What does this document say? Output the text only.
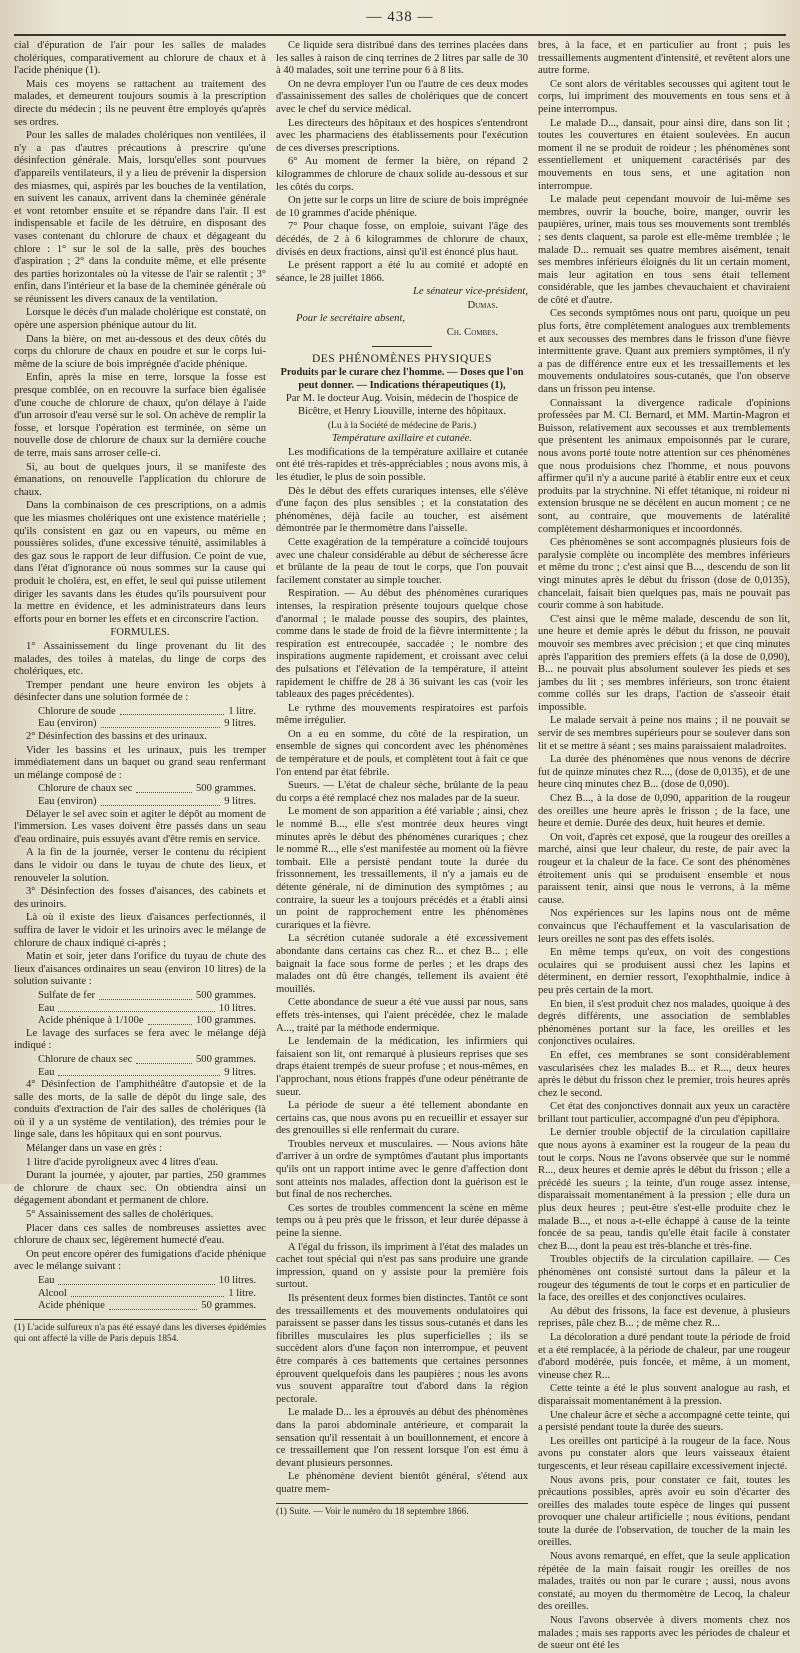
— 438 —

cial d'épuration de l'air pour les salles de malades cholériques, comparativement au chlorure de chaux et à l'acide phénique (1).

Mais ces moyens se rattachent au traitement des malades, et demeurent toujours soumis à la prescription directe du médecin ; ils ne peuvent être employés qu'après ses ordres.

Pour les salles de malades cholériques non ventilées, il n'y a pas d'autres précautions à prescrire qu'une désinfection générale. Mais, lorsqu'elles sont pourvues d'appareils ventilateurs, il y a lieu de prévenir la dispersion des miasmes, qui, aspirés par les bouches de la ventilation, en suivent les canaux, arrivent dans la cheminée générale et vont retomber ensuite et se répandre dans l'air. Il est indispensable et facile de les détruire, en disposant des vases contenant du chlorure de chaux et dégageant du chlore : 1° sur le sol de la salle, près des bouches d'aspiration ; 2° dans la conduite même, et elle présente des parties horizontales où la vitesse de l'air se ralentit ; 3° enfin, dans l'intérieur et la base de la cheminée générale où se réunissent les divers canaux de la ventilation.

Lorsque le décès d'un malade cholérique est constaté, on opère une aspersion phénique autour du lit.

Dans la bière, on met au-dessous et des deux côtés du corps du chlorure de chaux en poudre et sur le corps lui-même de la sciure de bois imprégnée d'acide phénique.

Enfin, après la mise en terre, lorsque la fosse est presque comblée, on en recouvre la surface bien égalisée d'une couche de chlorure de chaux, qu'on délaye à l'aide d'un arrosoir d'eau versé sur le sol. On achève de remplir la fosse, et lorsque l'opération est terminée, on sème un nouvelle dose de chlorure de chaux sur la dernière couche de terre, mais sans arroser celle-ci.

Si, au bout de quelques jours, il se manifeste des émanations, on renouvelle l'application du chlorure de chaux.

Dans la combinaison de ces prescriptions, on a admis que les miasmes cholériques ont une existence matérielle ; qu'ils consistent en gaz ou en vapeurs, ou même en poussières solides, d'une excessive ténuité, assimilables à des gaz sous le rapport de leur diffusion. Ce point de vue, dans l'état d'ignorance où nous sommes sur la cause qui produit le choléra, est, en effet, le seul qui puisse utilement diriger les savants dans les études qu'ils poursuivent pour la mettre en évidence, et les administrateurs dans leurs efforts pour en borner les effets et en circonscrire l'action.

FORMULES.

1° Assainissement du linge provenant du lit des malades, des toiles à matelas, du linge de corps des cholériques, etc.

Tremper pendant une heure environ les objets à désinfecter dans une solution formée de :

Chlorure de soude	1 litre.
Eau (environ)	9 litres.

2° Désinfection des bassins et des urinaux.

Vider les bassins et les urinaux, puis les tremper immédiatement dans un baquet ou grand seau renfermant un mélange composé de :

Chlorure de chaux sec	500 grammes.
Eau (environ)	9 litres.

Délayer le sel avec soin et agiter le dépôt au moment de l'immersion. Les vases doivent être passés dans un seau d'eau ordinaire, puis essuyés avant d'être remis en service.

A la fin de la journée, verser le contenu du récipient dans le vidoir ou dans le tuyau de chute des lieux, et renouveler la solution.

3° Désinfection des fosses d'aisances, des cabinets et des urinoirs.

Là où il existe des lieux d'aisances perfectionnés, il suffira de laver le vidoir et les urinoirs avec le mélange de chlorure de chaux indiqué ci-après ;

Matin et soir, jeter dans l'orifice du tuyau de chute des lieux d'aisances ordinaires un seau (environ 10 litres) de la solution suivante :

Sulfate de fer	500 grammes.
Eau	10 litres.
Acide phénique à 1/100e	100 grammes.

Le lavage des surfaces se fera avec le mélange déjà indiqué :

Chlorure de chaux sec	500 grammes.
Eau	9 litres.

4° Désinfection de l'amphithéâtre d'autopsie et de la salle des morts, de la salle de dépôt du linge sale, des conduits d'extraction de l'air des salles de cholériques (là où il y a un système de ventilation), des trémies pour le linge sale, dans les hôpitaux qui en sont pourvus.

Mélanger dans un vase en grès :

1 litre d'acide pyroligneux avec 4 litres d'eau.

Durant la journée, y ajouter, par parties, 250 grammes de chlorure de chaux sec. On obtiendra ainsi un dégagement abondant et permanent de chlore.

5° Assainissement des salles de cholériques.

Placer dans ces salles de nombreuses assiettes avec chlorure de chaux sec, légèrement humecté d'eau.

On peut encore opérer des fumigations d'acide phénique avec le mélange suivant :

Eau	10 litres.
Alcool	1 litre.
Acide phénique	50 grammes.
(1) L'acide sulfureux n'a pas été essayé dans les diverses épidémies qui ont affecté la ville de Paris depuis 1854.

Ce liquide sera distribué dans des terrines placées dans les salles à raison de cinq terrines de 2 litres par salle de 30 à 40 malades, soit une terrine pour 6 à 8 lits.

On ne devra employer l'un ou l'autre de ces deux modes d'assainissement des salles de cholériques que de concert avec le chef du service médical.

Les directeurs des hôpitaux et des hospices s'entendront avec les pharmaciens des établissements pour l'exécution de ces diverses prescriptions.

6° Au moment de fermer la bière, on répand 2 kilogrammes de chlorure de chaux solide au-dessous et sur les côtés du corps.

On jette sur le corps un litre de sciure de bois imprégnée de 10 grammes d'acide phénique.

7° Pour chaque fosse, on emploie, suivant l'âge des décédés, de 2 à 6 kilogrammes de chlorure de chaux, divisés en deux fractions, ainsi qu'il est énoncé plus haut.

Le présent rapport a été lu au comité et adopté en séance, le 28 juillet 1866.

Le sénateur vice-président,

Dumas.

Pour le secrétaire absent,

Ch. Combes.

DES PHÉNOMÈNES PHYSIQUES

Produits par le curare chez l'homme. — Doses que l'on peut donner. — Indications thérapeutiques (1),

Par M. le docteur Aug. Voisin, médecin de l'hospice de Bicêtre, et Henry Liouville, interne des hôpitaux.

(Lu à la Société de médecine de Paris.)

Température axillaire et cutanée.

Les modifications de la température axillaire et cutanée ont été très-rapides et très-appréciables ; nous avons mis, à les étudier, le plus de soin possible.

Dès le début des effets curariques intenses, elle s'élève d'une façon des plus sensibles ; et la constatation des phénomènes, déjà facile au toucher, est aisément démontrée par le thermomètre dans l'aisselle.

Cette exagération de la température a coïncidé toujours avec une chaleur considérable au début de sécheresse âcre et brûlante de la peau de tout le corps, que l'on pouvait facilement constater au simple toucher.

Respiration. — Au début des phénomènes curariques intenses, la respiration présente toujours quelque chose d'anormal ; le malade pousse des soupirs, des plaintes, comme dans le stade de froid de la fièvre intermittente ; la respiration est entrecoupée, saccadée ; le nombre des inspirations augmente rapidement, et croissant avec celui des pulsations et l'élévation de la température, il atteint rapidement le chiffre de 28 à 36 suivant les cas (voir les tableaux des pages précédentes).

Le rythme des mouvements respiratoires est parfois même irrégulier.

On a eu en somme, du côté de la respiration, un ensemble de signes qui concordent avec les phénomènes de température et de pouls, et complètent tout à fait ce que l'on entend par état fébrile.

Sueurs. — L'état de chaleur sèche, brûlante de la peau du corps a été remplacé chez nos malades par de la sueur.

Le moment de son apparition a été variable ; ainsi, chez le nommé B..., elle s'est montrée deux heures vingt minutes après le début des phénomènes curariques ; chez le nommé R..., elle s'est manifestée au moment où la fièvre tombait. Elle a persisté pendant toute la durée du frissonnement, les tressaillements, il n'y a jamais eu de détente générale, ni de diminution des symptômes ; au contraire, la sueur les a toujours précédés et a établi ainsi un point de rapprochement entre les phénomènes curariques et la fièvre.

La sécrétion cutanée sudorale a été excessivement abondante dans certains cas chez R... et chez B... ; elle baignait la face sous forme de perles ; et les draps des malades ont dû être changés, tellement ils avaient été mouillés.

Cette abondance de sueur a été vue aussi par nous, sans effets très-intenses, qui l'aient précédée, chez le malade A..., traité par la méthode endermique.

Le lendemain de la médication, les infirmiers qui faisaient son lit, ont remarqué à plusieurs reprises que ses draps étaient trempés de sueur profuse ; et nous-mêmes, en l'approchant, nous étions frappés d'une odeur pénétrante de sueur.

La période de sueur a été tellement abondante en certains cas, que nous avons pu en recueillir et essayer sur des grenouilles si elle renfermait du curare.

Troubles nerveux et musculaires. — Nous avions hâte d'arriver à un ordre de symptômes d'autant plus importants qu'ils ont un rapport intime avec le genre d'affection dont sont atteints nos malades, affection dont la guérison est le but final de nos recherches.

Ces sortes de troubles commencent la scène en même temps ou à peu près que le frisson, et leur durée dépasse à peine la sienne.

A l'égal du frisson, ils impriment à l'état des malades un cachet tout spécial qui n'est pas sans produire une grande impression, quand on y assiste pour la première fois surtout.

Ils présentent deux formes bien distinctes. Tantôt ce sont des tressaillements et des mouvements ondulatoires qui paraissent se passer dans les tissus sous-cutanés et dans les fibrilles musculaires les plus superficielles ; ils se succèdent alors d'une façon non interrompue, et peuvent être comparés à ces battements que certaines personnes éprouvent quelquefois dans les paupières ; nous les avons vus souvent apparaître tout d'abord dans la région pectorale.

Le malade D... les a éprouvés au début des phénomènes dans la paroi abdominale antérieure, et comparait la sensation qu'il ressentait à un bouillonnement, et encore à ce tressaillement que l'on ressent lorsque l'on est ému à devant plusieurs personnes.

Le phénomène devient bientôt général, s'étend aux quatre mem-

(1) Suite. — Voir le numéro du 18 septembre 1866.

bres, à la face, et en particulier au front ; puis les tressaillements augmentent d'intensité, et revêtent alors une autre forme.

Ce sont alors de véritables secousses qui agitent tout le corps, lui impriment des mouvements en tous sens et à peine interrompus.

Le malade D..., dansait, pour ainsi dire, dans son lit ; toutes les couvertures en étaient soulevées. En aucun moment il ne se produit de roideur ; les phénomènes sont essentiellement et uniquement caractérisés par des mouvements en tous sens, et une agitation non interrompue.

Le malade peut cependant mouvoir de lui-même ses membres, ouvrir la bouche, boire, manger, ouvrir les paupières, uriner, mais tous ses mouvements sont tremblés ; ses dents claquent, sa parole est elle-même tremblée ; le malade D... remuait ses quatre membres aisément, tenait ses membres inférieurs éloignés du lit un certain moment, mais leur agitation en tous sens était tellement considérable, que les jambes chevauchaient et chaviraient de côté et d'autre.

Ces seconds symptômes nous ont paru, quoique un peu plus forts, être complètement analogues aux tremblements et aux secousses des membres dans le frisson d'une fièvre intermittente grave. Quant aux premiers symptômes, il n'y a pas de différence entre eux et les tressaillements et les mouvements ondulatoires sous-cutanés, que l'on observe dans un frisson peu intense.

Connaissant la divergence radicale d'opinions professées par M. Cl. Bernard, et MM. Martin-Magron et Buisson, relativement aux secousses et aux tremblements que présentent les animaux empoisonnés par le curare, nous avons porté toute notre attention sur ces phénomènes que nous produisions chez l'homme, et nous pouvons affirmer qu'il n'y a aucune parité à établir entre eux et ceux produits par la strychnine. Ni effet tétanique, ni roideur ni extension brusque ne se décèlent en aucun moment ; ce ne sont, au contraire, que mouvements de latéralité complètement désharmoniques et incoordonnés.

Ces phénomènes se sont accompagnés plusieurs fois de paralysie complète ou incomplète des membres inférieurs et même du tronc ; c'est ainsi que B..., descendu de son lit vingt minutes après le début du frisson (dose de 0,0135), chancelait, faisait bien quelques pas, mais ne pouvait pas courir comme à son habitude.

C'est ainsi que le même malade, descendu de son lit, une heure et demie après le début du frisson, ne pouvait mouvoir ses membres avec précision ; et que cinq minutes après l'apparition des premiers effets (à la dose de 0,090), B... ne pouvait plus absolument soulever les pieds et ses jambes du lit ; ses membres inférieurs, son tronc étaient comme collés sur les draps, l'action de s'asseoir était impossible.

Le malade servait à peine nos mains ; il ne pouvait se servir de ses membres supérieurs pour se soulever dans son lit et se mettre à séant ; ses mains paraissaient maladroites.

La durée des phénomènes que nous venons de décrire fut de quinze minutes chez R..., (dose de 0,0135), et de une heure cinq minutes chez B... (dose de 0,090).

Chez B..., à la dose de 0,090, apparition de la rougeur des oreilles une heure après le frisson ; de la face, une heure et demie. Durée des deux, huit heures et demie.

On voit, d'après cet exposé, que la rougeur des oreilles a marché, ainsi que leur chaleur, du reste, de pair avec la rougeur et la chaleur de la face. Ce sont des phénomènes étroitement unis qui se produisent ensemble et nous paraissent tenir, ainsi que nous le verrons, à la même cause.

Nos expériences sur les lapins nous ont de même convaincus que l'échauffement et la vascularisation de leurs oreilles ne sont pas des effets isolés.

En même temps qu'eux, on voit des congestions oculaires qui se produisent aussi chez les lapins et déterminent, en dernier ressort, l'exophthalmie, indice à peu près certain de la mort.

En bien, il s'est produit chez nos malades, quoique à des degrés différents, une association de semblables phénomènes portant sur la face, les oreilles et les conjonctives oculaires.

En effet, ces membranes se sont considérablement vascularisées chez les malades B... et R..., deux heures après le début du frisson chez le premier, trois heures après chez le second.

Cet état des conjonctives donnait aux yeux un caractère brillant tout particulier, accompagné d'un peu d'épiphora.

Le dernier trouble objectif de la circulation capillaire que nous ayons à examiner est la rougeur de la peau du tout le corps. Nous ne l'avons observée que sur le nommé R..., deux heures et demie après le début du frisson ; elle a précédé les sueurs ; la teinte, d'un rouge assez intense, disparaissait momentanément à la pression ; elle dura un plus deux heures ; peut-être s'est-elle produite chez le malade B..., et nous a-t-elle échappé à cause de la teinte foncée de sa peau, tandis qu'elle était facile à constater chez B..., dont la peau est très-blanche et très-fine.

Troubles objectifs de la circulation capillaire. — Ces phénomènes ont consisté surtout dans la pâleur et la rougeur des téguments de tout le corps et en particulier de la face, des oreilles et des conjonctives oculaires.

Au début des frissons, la face est devenue, à plusieurs reprises, pâle chez B... ; de même chez R...

La décoloration a duré pendant toute la période de froid et a été remplacée, à la période de chaleur, par une rougeur d'abord modérée, puis foncée, et même, à un moment, vineuse chez R...

Cette teinte a été le plus souvent analogue au rash, et disparaissait momentanément à la pression.

Une chaleur âcre et sèche a accompagné cette teinte, qui a persisté pendant toute la durée des sueurs.

Les oreilles ont participé à la rougeur de la face. Nous avons pu constater alors que leurs vaisseaux étaient turgescents, et leur réseau capillaire excessivement injecté.

Nous avons pris, pour constater ce fait, toutes les précautions possibles, après avoir eu soin d'écarter des oreilles des malades toute espèce de linges qui pussent provoquer une chaleur artificielle ; nous évitions, pendant toute la durée de l'observation, de toucher de la main les oreilles.

Nous avons remarqué, en effet, que la seule application répétée de la main faisait rougir les oreilles de nos malades, traités ou non par le curare ; aussi, nous avons constaté, au moyen du thermomètre de Lecoq, la chaleur des oreilles.

Nous l'avons observée à divers moments chez nos malades ; mais ses rapports avec les périodes de chaleur et de sueur ont été les
